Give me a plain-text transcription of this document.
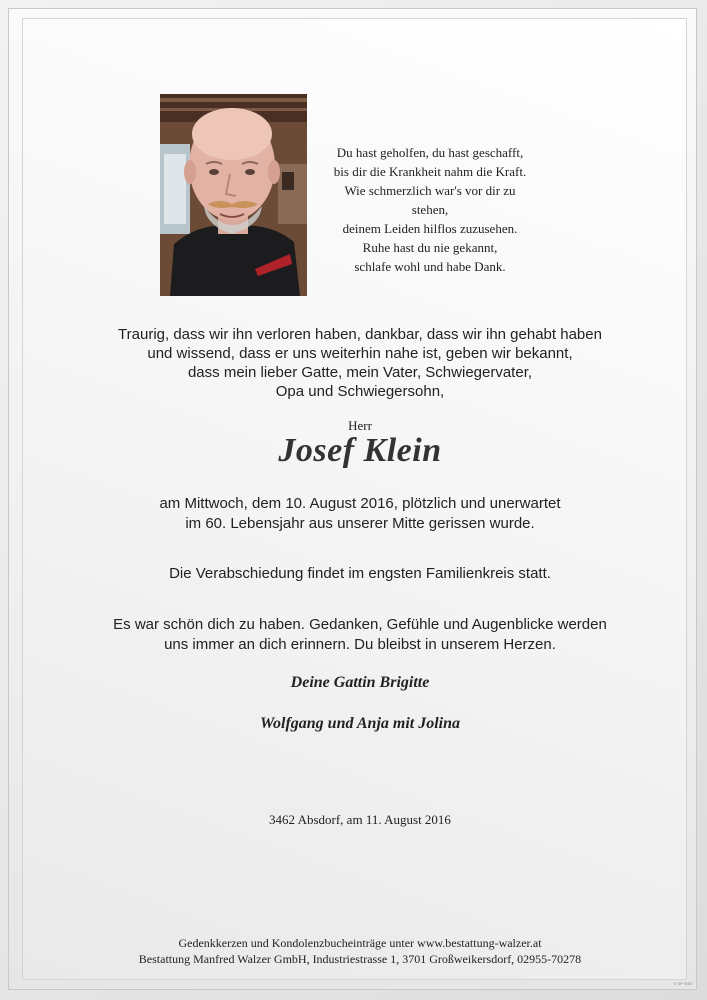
Du hast geholfen, du hast geschafft,
bis dir die Krankheit nahm die Kraft.
Wie schmerzlich war's vor dir zu stehen,
deinem Leiden hilflos zuzusehen.
Ruhe hast du nie gekannt,
schlafe wohl und habe Dank.
Traurig, dass wir ihn verloren haben, dankbar, dass wir ihn gehabt haben
und wissend, dass er uns weiterhin nahe ist, geben wir bekannt,
dass mein lieber Gatte, mein Vater, Schwiegervater,
Opa und Schwiegersohn,
Herr
Josef Klein
am Mittwoch, dem 10. August 2016, plötzlich und unerwartet
im 60. Lebensjahr aus unserer Mitte gerissen wurde.
Die Verabschiedung findet im engsten Familienkreis statt.
Es war schön dich zu haben. Gedanken, Gefühle und Augenblicke werden
uns immer an dich erinnern. Du bleibst in unserem Herzen.
Deine Gattin Brigitte
Wolfgang und Anja mit Jolina
3462 Absdorf, am 11. August 2016
Gedenkkerzen und Kondolenzbucheinträge unter www.bestattung-walzer.at
Bestattung Manfred Walzer GmbH, Industriestrasse 1, 3701 Großweikersdorf, 02955-70278
© SP 9087
